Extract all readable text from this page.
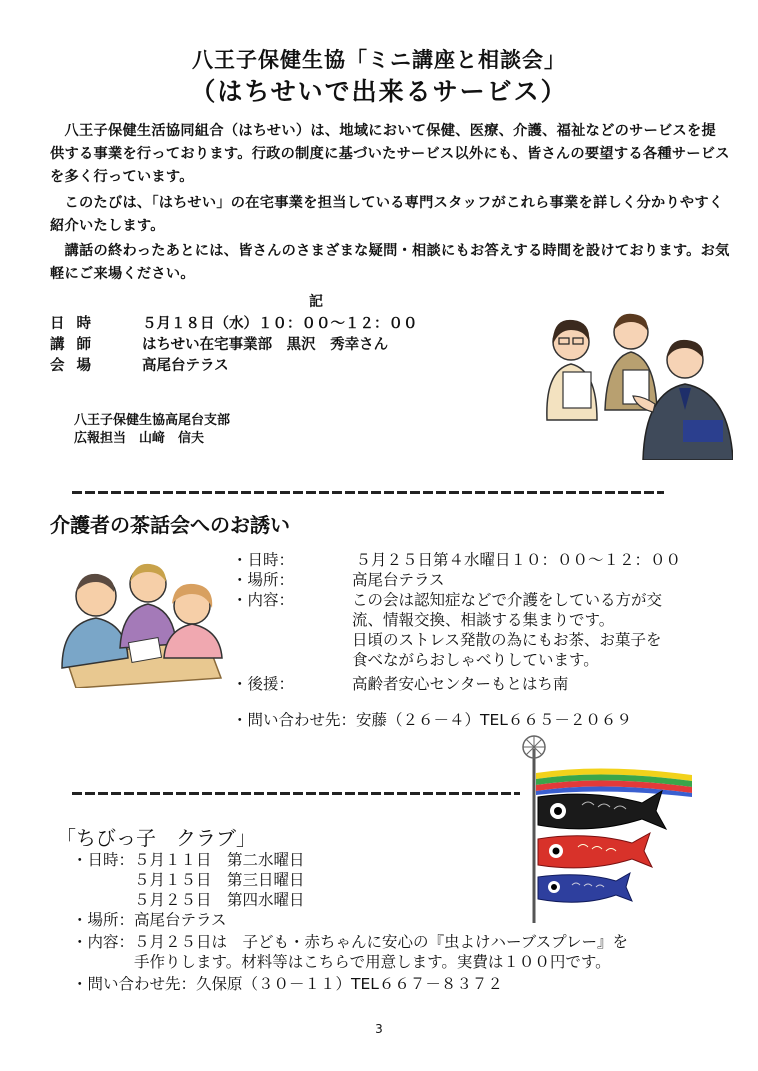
八王子保健生協「ミニ講座と相談会」
（はちせいで出来るサービス）
　八王子保健生活協同組合（はちせい）は、地域において保健、医療、介護、福祉などのサービスを提供する事業を行っております。行政の制度に基づいたサービス以外にも、皆さんの要望する各種サービスを多く行っています。
　このたびは、「はちせい」の在宅事業を担当している専門スタッフがこれら事業を詳しく分かりやすく紹介いたします。
　講話の終わったあとには、皆さんのさまざまな疑問・相談にもお答えする時間を設けております。お気軽にご来場ください。
記
日時	５月１８日（水）１０：００～１２：００
講師	はちせい在宅事業部　黒沢　秀幸さん
会場	高尾台テラス
八王子保健生協高尾台支部
広報担当　山﨑　信夫
介護者の茶話会へのお誘い
・日時：	　５月２５日第４水曜日１０：００～１２：００
・場所：	高尾台テラス
・内容：	この会は認知症などで介護をしている方が交
流、情報交換、相談する集まりです。
日頃のストレス発散の為にもお茶、お菓子を
食べながらおしゃべりしています。
・後援：	高齢者安心センターもとはち南
・問い合わせ先：安藤（２６－４）TEL６６５－２０６９
「ちびっ子　クラブ」
・日時：５月１１日　第二水曜日
　　　　５月１５日　第三日曜日
　　　　５月２５日　第四水曜日
・場所：高尾台テラス
・内容：５月２５日は　子ども・赤ちゃんに安心の『虫よけハーブスプレー』を
　　　　手作りします。材料等はこちらで用意します。実費は１００円です。
・問い合わせ先：久保原（３０－１１）TEL６６７－８３７２
3
